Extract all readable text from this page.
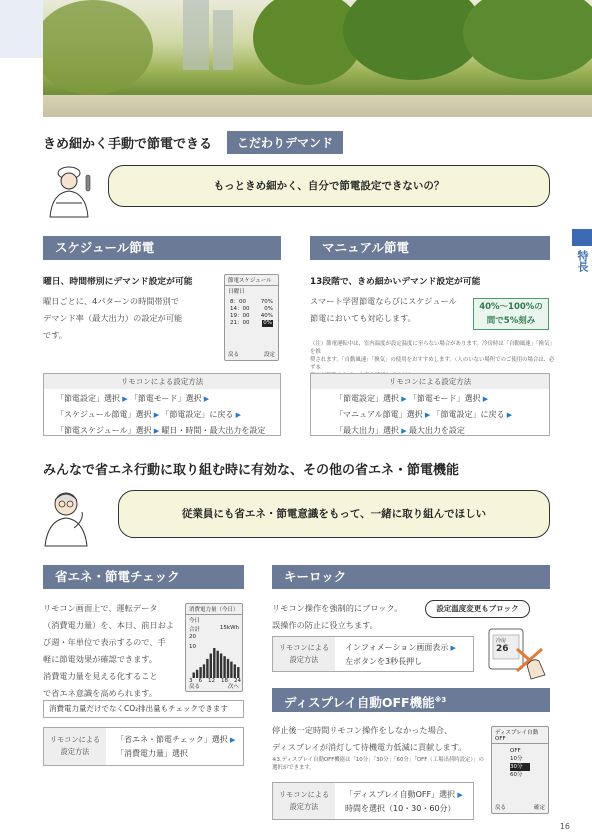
特長
きめ細かく手動で節電できる	こだわりデマンド
もっときめ細かく、自分で節電設定できないの？
スケジュール節電
曜日、時間帯別にデマンド設定が可能
曜日ごとに、4パターンの時間帯別で
デマンド率（最大出力）の設定が可能
です。
節電スケジュール
日曜日
8：00	70%
14：00	0%
19：00 40%
21：00	0%
戻る	設定
リモコンによる設定方法
「節電設定」選択 ▶ 「節電モード」選択 ▶
「スケジュール節電」選択 ▶ 「節電設定」に戻る ▶
「節電スケジュール」選択 ▶ 曜日・時間・最大出力を設定
マニュアル節電
13段階で、きめ細かいデマンド設定が可能
スマート学習節電ならびにスケジュール
節電においても対応します。
40%〜100%の
間で5%刻み
（注）節電運転中は、室内温度が設定温度に至らない場合があります。冷房時は「自動風速」「換気」を推
奨されます。「自動風速」「換気」の使用をおすすめします。（人のいない場所でのご使用の場合は、必ず本
リモコンによる設定方法
「節電設定」選択 ▶ 「節電モード」選択 ▶
「マニュアル節電」選択 ▶ 「節電設定」に戻る ▶
「最大出力」選択 ▶ 最大出力を設定
みんなで省エネ行動に取り組む時に有効な、その他の省エネ・節電機能
従業員にも省エネ・節電意識をもって、一緒に取り組んでほしい
省エネ・節電チェック
リモコン画面上で、運転データ
（消費電力量）を、本日、前日およ
び週・年単位で表示するので、手
軽に節電効果が確認できます。
消費電力量を見える化すること
で省エネ意識を高められます。
消費電力量（今日）
今日
合計	15kWh
20
10
3 6 12 18 24
戻る	次へ
消費電力量だけでなくCO₂排出量もチェックできます
リモコンによる
設定方法
「省エネ・節電チェック」選択 ▶
「消費電力量」選択
キーロック
リモコン操作を強制的にブロック。
誤操作の防止に役立ちます。
設定温度変更もブロック
リモコンによる
設定方法
インフォメーション画面表示 ▶
左ボタンを3秒長押し
冷房
26
ディスプレイ自動OFF機能$^{※3}$
停止後一定時間リモコン操作をしなかった場合、
ディスプレイが消灯して待機電力低減に貢献します。
※3.ディスプレイ自動OFF機能は「10分」「30分」「60分」「OFF（工場出荷時設定）」の
選択ができます。
リモコンによる
設定方法
「ディスプレイ自動OFF」選択 ▶
時間を選択（10・30・60分）
ディスプレイ自動OFF
OFF
10分
30分
60分
戻る	確定
16
